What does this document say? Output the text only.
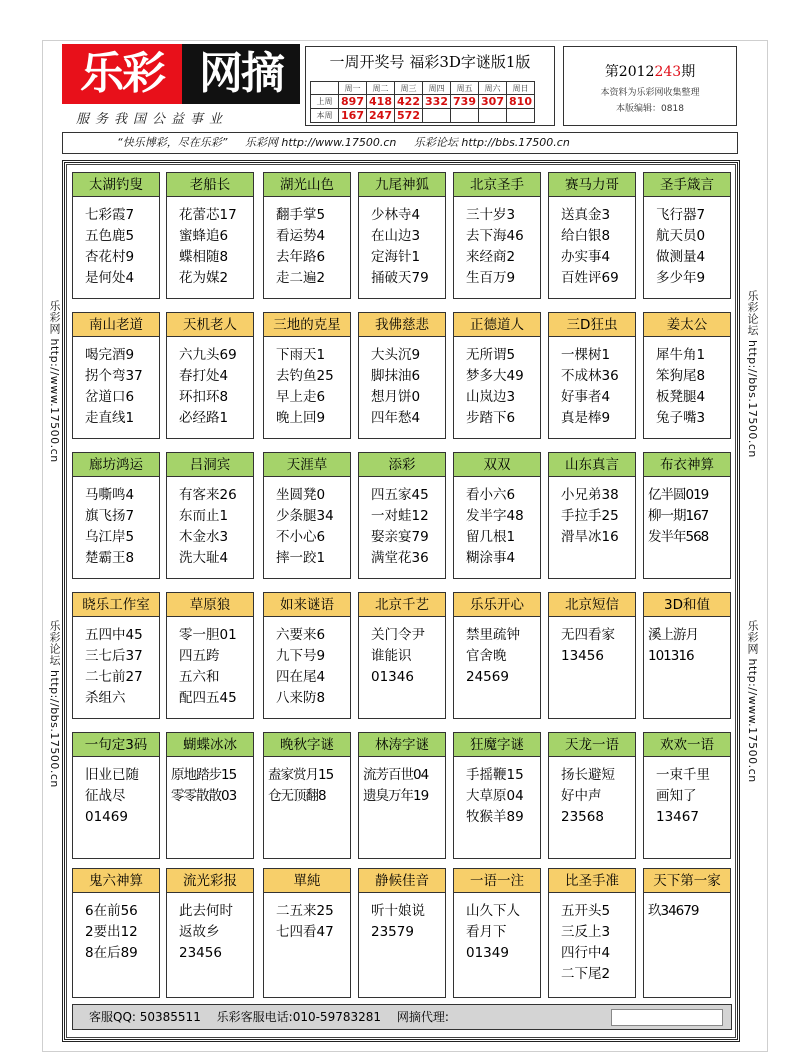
乐彩 网摘
服务我国公益事业
一周开奖号 福彩3D字谜版1版
	周一	周二	周三	周四	周五	周六	周日
上周	897	418	422	332	739	307	810
本周	167	247	572				
第2012243期
本资料为乐彩网收集整理
本版编辑：0818
“快乐博彩，尽在乐彩” 乐彩网 http://www.17500.cn 乐彩论坛 http://bbs.17500.cn
乐彩网 http://www.17500.cn
乐彩论坛 http://bbs.17500.cn
乐彩论坛 http://bbs.17500.cn
乐彩网 http://www.17500.cn
太湖钓叟
七彩霞7
五色鹿5
杏花村9
是何处4
老船长
花蕾芯17
蜜蜂追6
蝶相随8
花为媒2
湖光山色
翻手掌5
看运势4
去年路6
走二遍2
九尾神狐
少林寺4
在山边3
定海针1
捅破天79
北京圣手
三十岁3
去下海46
来经商2
生百万9
赛马力哥
送真金3
给白银8
办实事4
百姓评69
圣手箴言
飞行器7
航天员0
做测量4
多少年9
南山老道
喝完酒9
拐个弯37
岔道口6
走直线1
天机老人
六九头69
春打处4
环扣环8
必经路1
三地的克星
下雨天1
去钓鱼25
早上走6
晚上回9
我佛慈悲
大头沉9
脚抹油6
想月饼0
四年愁4
正德道人
无所谓5
梦多大49
山岚边3
步踏下6
三D狂虫
一棵树1
不成林36
好事者4
真是棒9
姜太公
犀牛角1
笨狗尾8
板凳腿4
兔子嘴3
廊坊鸿运
马嘶鸣4
旗飞扬7
乌江岸5
楚霸王8
吕洞宾
有客来26
东而止1
木金水3
洗大耻4
天涯草
坐圆凳0
少条腿34
不小心6
摔一跤1
添彩
四五家45
一对蛙12
娶亲宴79
满堂花36
双双
看小六6
发半字48
留几根1
糊涂事4
山东真言
小兄弟38
手拉手25
滑旱冰16
布衣神算
亿半圆019
柳一期167
发半年568
晓乐工作室
五四中45
三七后37
二七前27
杀组六
草原狼
零一胆01
四五跨
五六和
配四五45
如来谜语
六要来6
九下号9
四在尾4
八来防8
北京千艺
关门令尹
谁能识
01346
乐乐开心
禁里疏钟
官舍晚
24569
北京短信
无四看家
13456
3D和值
溪上游月
101316
一句定3码
旧业已随
征战尽
01469
蝴蝶冰冰
原地踏步15
零零散散03
晚秋字谜
盍家赏月15
仓无顶翻8
林涛字谜
流芳百世04
遗臭万年19
狂魔字谜
手摇鞭15
大草原04
牧猴羊89
天龙一语
扬长避短
好中声
23568
欢欢一语
一束千里
画知了
13467
鬼六神算
6在前56
2要出12
8在后89
流光彩报
此去何时
返故乡
23456
單純
二五来25
七四看47
静候佳音
听十娘说
23579
一语一注
山久下人
看月下
01349
比圣手准
五开头5
三反上3
四行中4
二下尾2
天下第一家
玖34679
客服QQ: 50385511 乐彩客服电话:010-59783281 网摘代理:
